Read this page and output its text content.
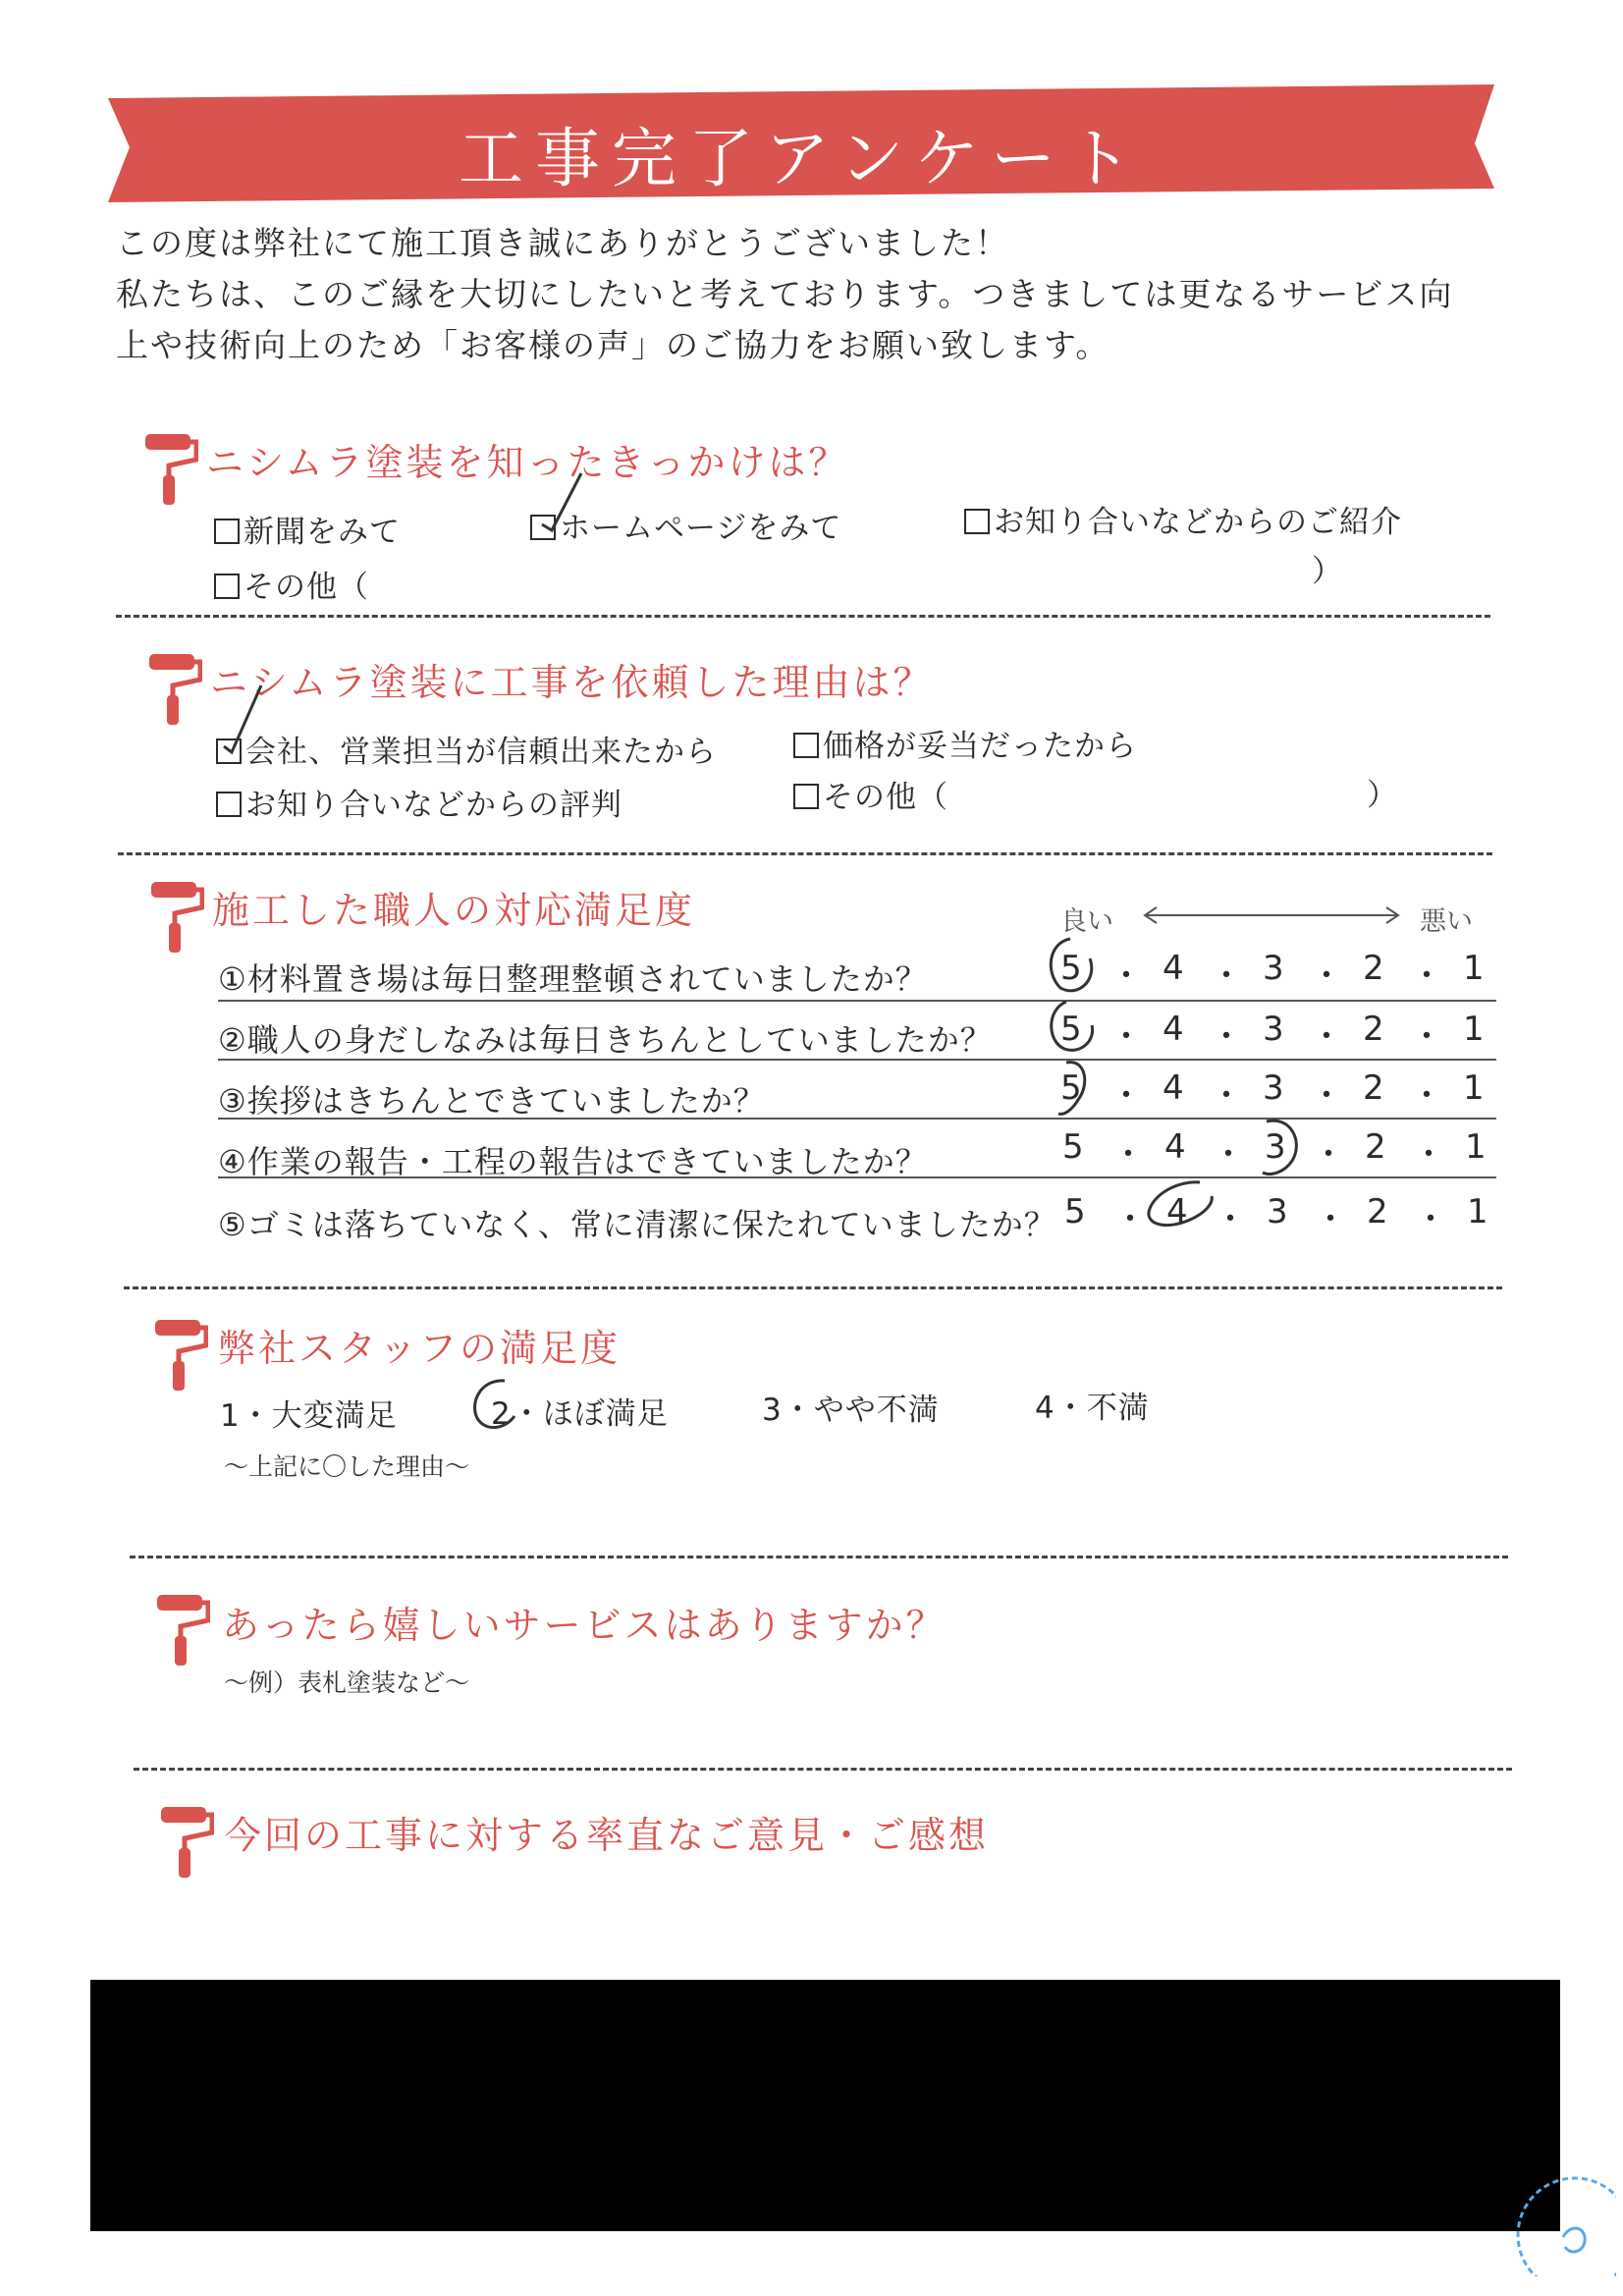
工事完了アンケート
この度は弊社にて施工頂き誠にありがとうございました！
私たちは、このご縁を大切にしたいと考えております。つきましては更なるサービス向
上や技術向上のため「お客様の声」のご協力をお願い致します。
ニシムラ塗装を知ったきっかけは？
新聞をみて	ホームページをみて	お知り合いなどからのご紹介
その他（	）
ニシムラ塗装に工事を依頼した理由は？
会社、営業担当が信頼出来たから	価格が妥当だったから
お知り合いなどからの評判	その他（	）
施工した職人の対応満足度	良い	悪い
①材料置き場は毎日整理整頓されていましたか？	5 ・ 4 ・ 3 ・ 2 ・ 1
②職人の身だしなみは毎日きちんとしていましたか？ 5 ・ 4 ・ 3 ・ 2 ・ 1
③挨拶はきちんとできていましたか？	5 ・ 4 ・ 3 ・ 2 ・ 1
④作業の報告・工程の報告はできていましたか？	5 ・ 4 ・ 3 ・ 2 ・ 1
⑤ゴミは落ちていなく、常に清潔に保たれていましたか？ 5 ・ 4 ・ 3 ・ 2 ・ 1
弊社スタッフの満足度
1・大変満足	2・ほぼ満足	3・やや不満	4・不満
～上記に〇した理由～
あったら嬉しいサービスはありますか？
～例）表札塗装など～
今回の工事に対する率直なご意見・ご感想
